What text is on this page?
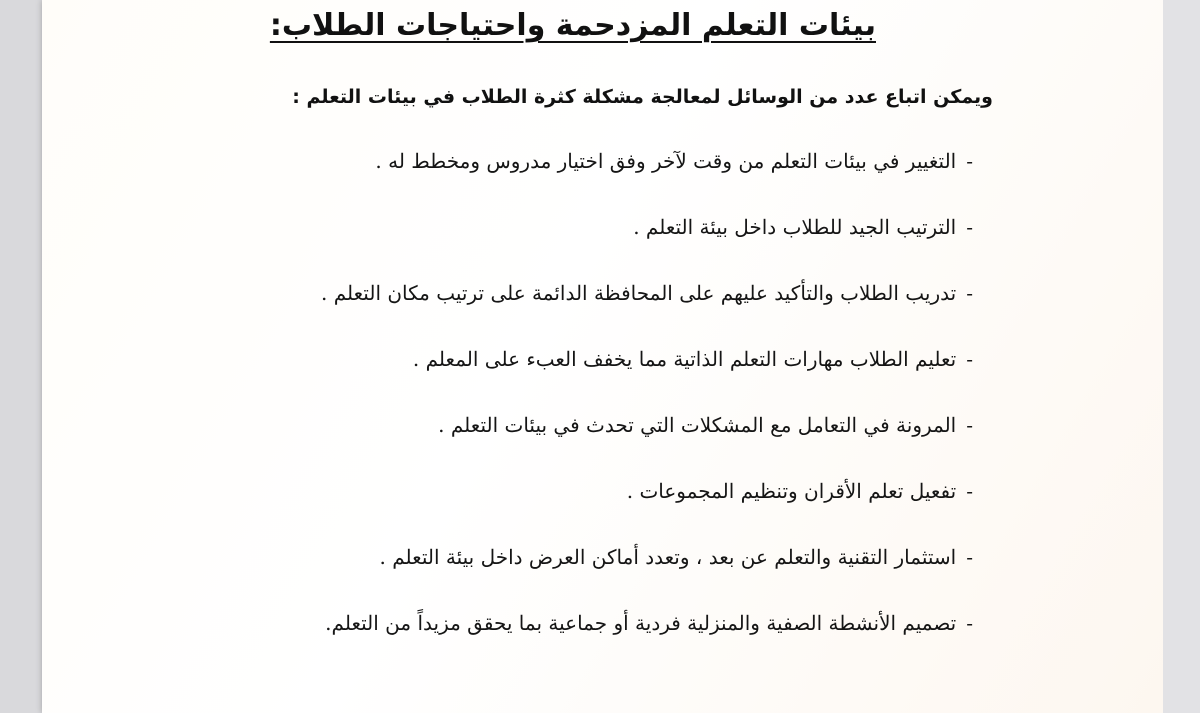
بيئات التعلم المزدحمة واحتياجات الطلاب:

ويمكن اتباع عدد من الوسائل لمعالجة مشكلة كثرة الطلاب في بيئات التعلم :

-التغيير في بيئات التعلم من وقت لآخر وفق اختيار مدروس ومخطط له .
-الترتيب الجيد للطلاب داخل بيئة التعلم .
-تدريب الطلاب والتأكيد عليهم على المحافظة الدائمة على ترتيب مكان التعلم .
-تعليم الطلاب مهارات التعلم الذاتية مما يخفف العبء على المعلم .
-المرونة في التعامل مع المشكلات التي تحدث في بيئات التعلم .
-تفعيل تعلم الأقران وتنظيم المجموعات .
-استثمار التقنية والتعلم عن بعد ، وتعدد أماكن العرض داخل بيئة التعلم .
-تصميم الأنشطة الصفية والمنزلية فردية أو جماعية بما يحقق مزيداً من التعلم.
